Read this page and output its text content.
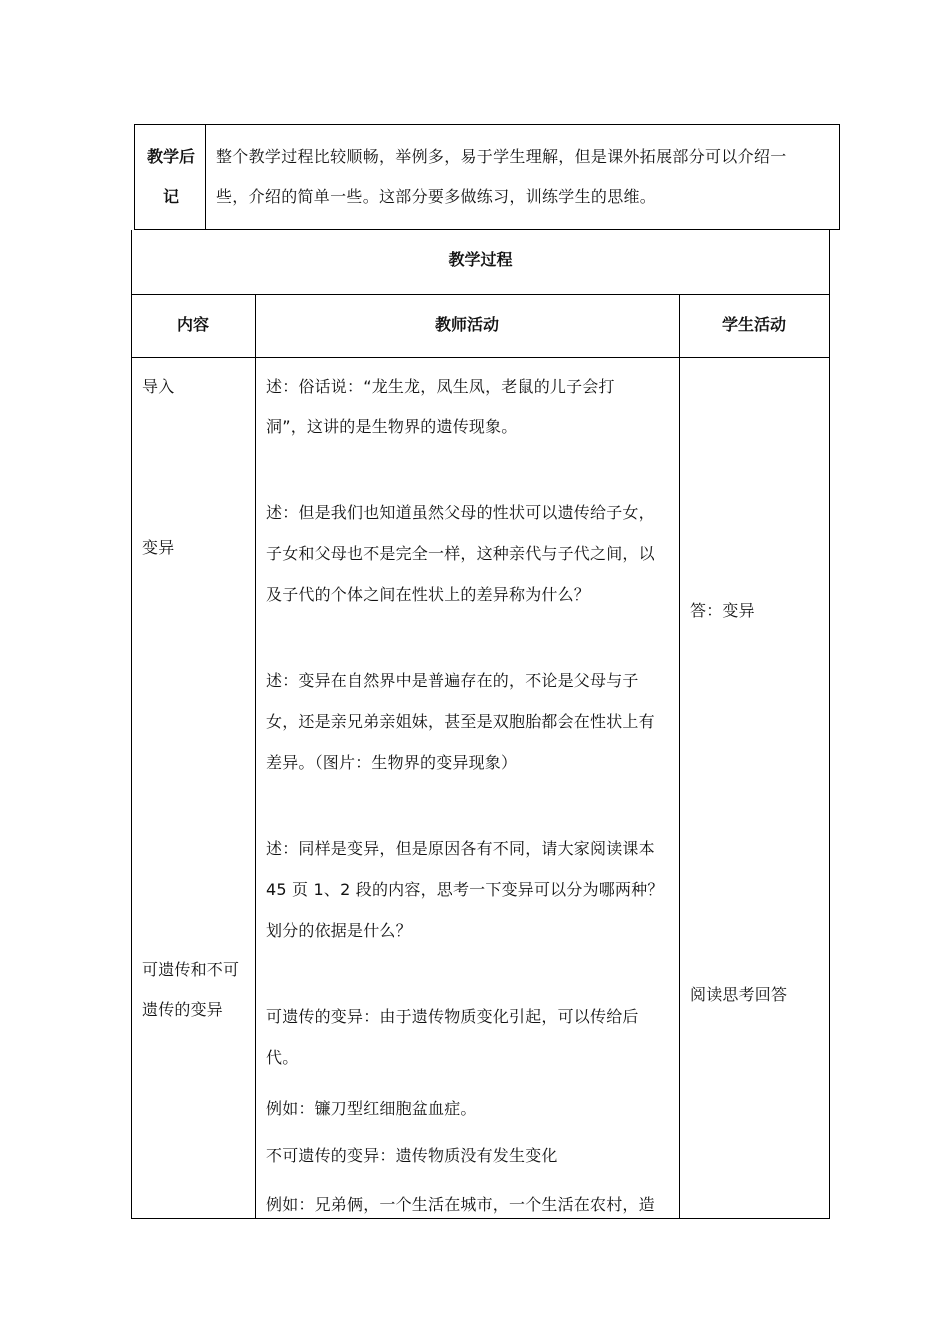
教学后
记
整个教学过程比较顺畅，举例多，易于学生理解，但是课外拓展部分可以介绍一
些，介绍的简单一些。这部分要多做练习，训练学生的思维。
教学过程
内容	教师活动	学生活动
导入
变异
可遗传和不可
遗传的变异
述：俗话说：“龙生龙，凤生凤，老鼠的儿子会打
洞”，这讲的是生物界的遗传现象。
述：但是我们也知道虽然父母的性状可以遗传给子女，
子女和父母也不是完全一样，这种亲代与子代之间，以
及子代的个体之间在性状上的差异称为什么？
述：变异在自然界中是普遍存在的，不论是父母与子
女，还是亲兄弟亲姐妹，甚至是双胞胎都会在性状上有
差异。（图片：生物界的变异现象）
述：同样是变异，但是原因各有不同，请大家阅读课本
45 页 1、2 段的内容，思考一下变异可以分为哪两种？
划分的依据是什么？
可遗传的变异：由于遗传物质变化引起，可以传给后
代。
例如：镰刀型红细胞盆血症。
不可遗传的变异：遗传物质没有发生变化
例如：兄弟俩，一个生活在城市，一个生活在农村，造
答：变异
阅读思考回答
